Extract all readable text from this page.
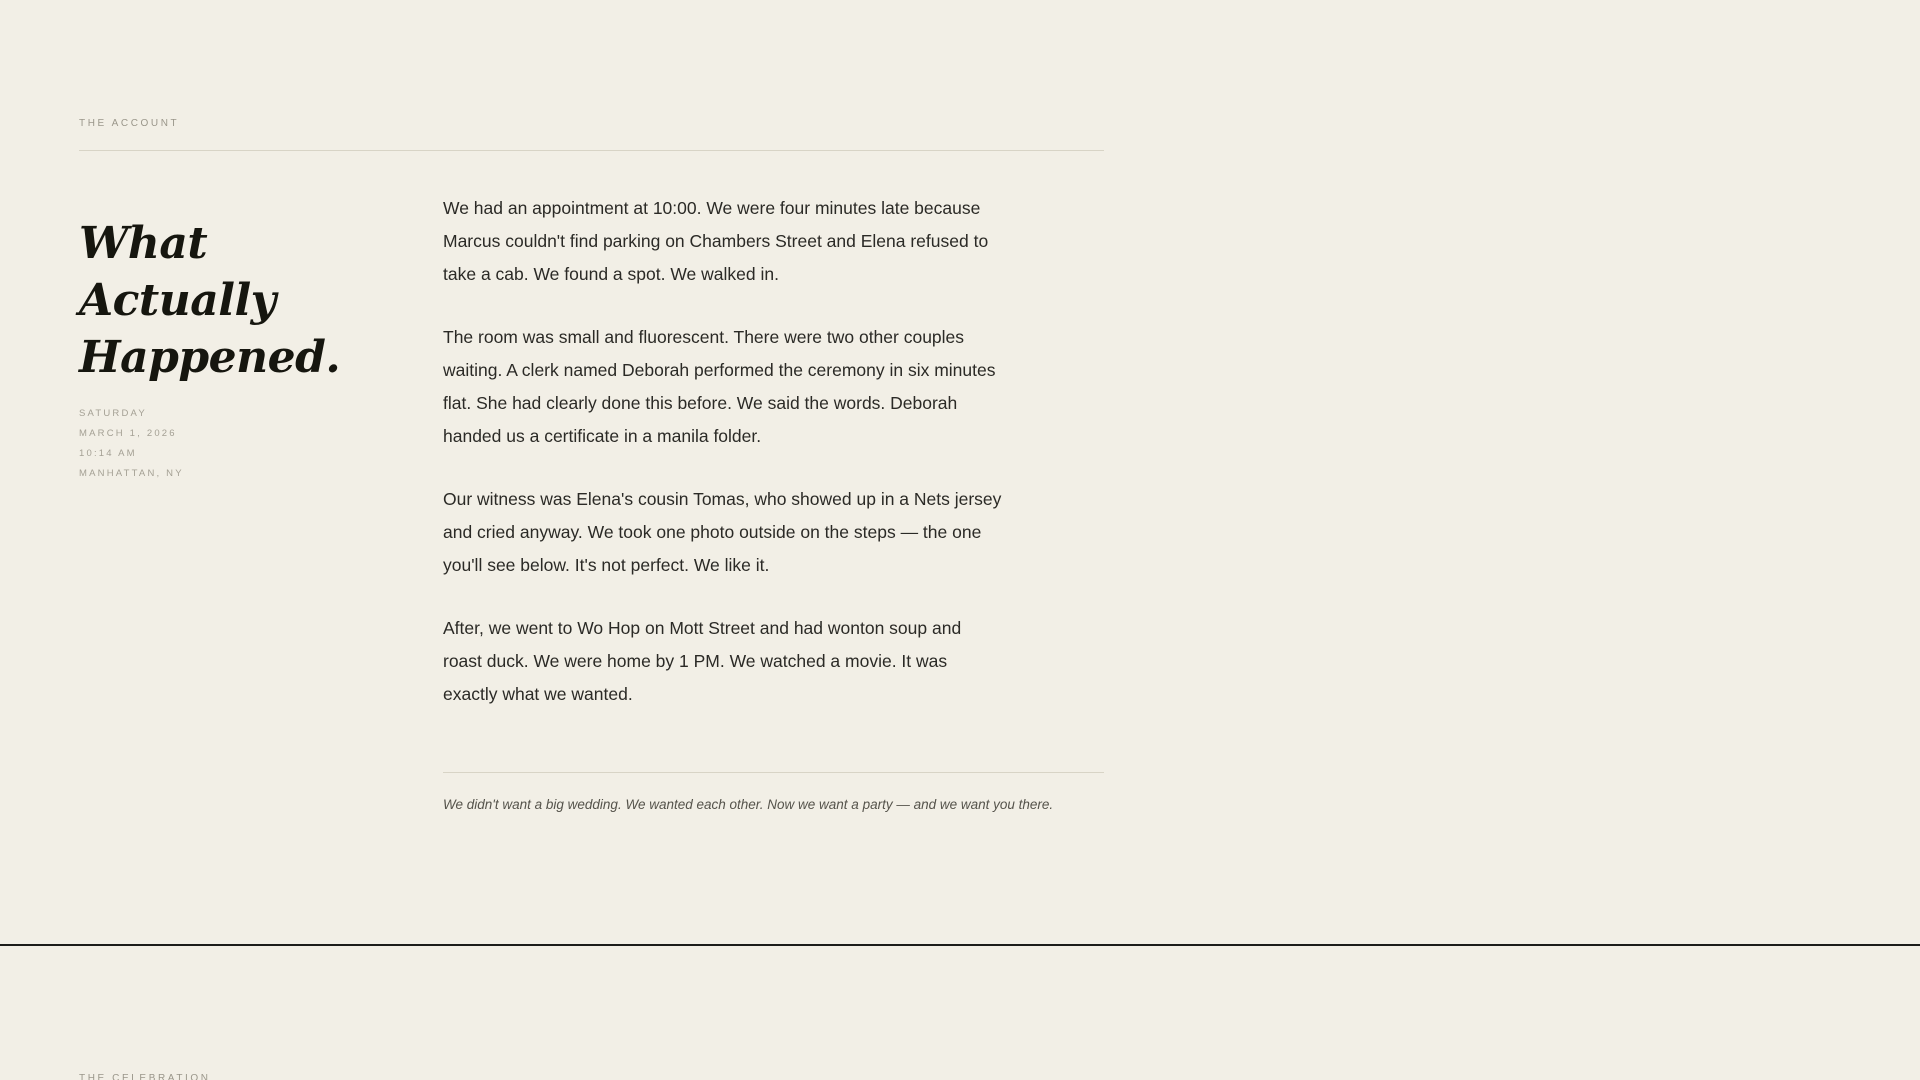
THE ACCOUNT
What Actually Happened.
SATURDAY
MARCH 1, 2026
10:14 AM
MANHATTAN, NY

We had an appointment at 10:00. We were four minutes late because Marcus couldn't find parking on Chambers Street and Elena refused to take a cab. We found a spot. We walked in.

The room was small and fluorescent. There were two other couples waiting. A clerk named Deborah performed the ceremony in six minutes flat. She had clearly done this before. We said the words. Deborah handed us a certificate in a manila folder.

Our witness was Elena's cousin Tomas, who showed up in a Nets jersey and cried anyway. We took one photo outside on the steps — the one you'll see below. It's not perfect. We like it.

After, we went to Wo Hop on Mott Street and had wonton soup and roast duck. We were home by 1 PM. We watched a movie. It was exactly what we wanted.

We didn't want a big wedding. We wanted each other. Now we want a party — and we want you there.
THE CELEBRATION
